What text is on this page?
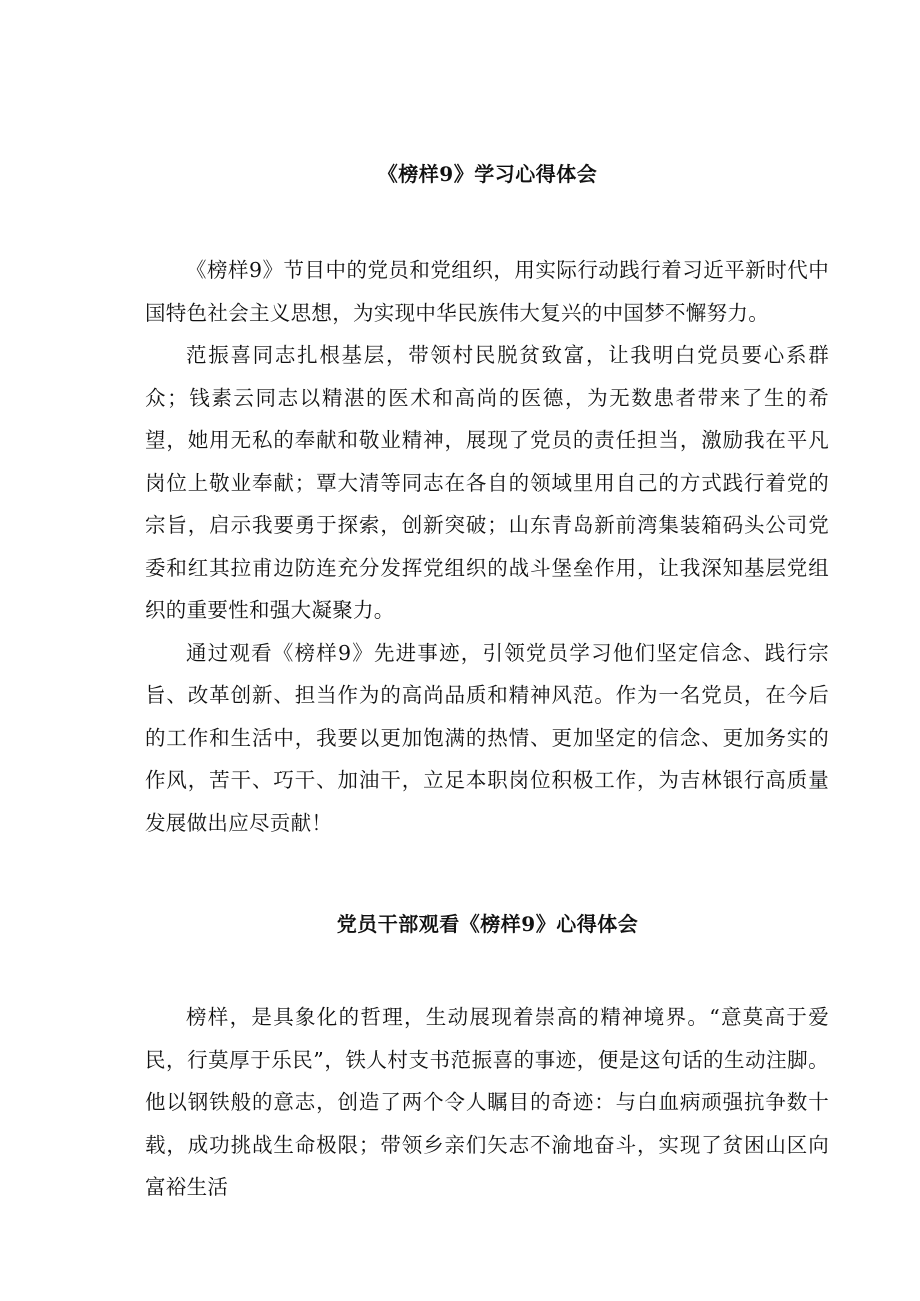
《榜样9》学习心得体会

《榜样9》节目中的党员和党组织，用实际行动践行着习近平新时代中国特色社会主义思想，为实现中华民族伟大复兴的中国梦不懈努力。

范振喜同志扎根基层，带领村民脱贫致富，让我明白党员要心系群众；钱素云同志以精湛的医术和高尚的医德，为无数患者带来了生的希望，她用无私的奉献和敬业精神，展现了党员的责任担当，激励我在平凡岗位上敬业奉献；覃大清等同志在各自的领域里用自己的方式践行着党的宗旨，启示我要勇于探索，创新突破；山东青岛新前湾集装箱码头公司党委和红其拉甫边防连充分发挥党组织的战斗堡垒作用，让我深知基层党组织的重要性和强大凝聚力。

通过观看《榜样9》先进事迹，引领党员学习他们坚定信念、践行宗旨、改革创新、担当作为的高尚品质和精神风范。作为一名党员，在今后的工作和生活中，我要以更加饱满的热情、更加坚定的信念、更加务实的作风，苦干、巧干、加油干，立足本职岗位积极工作，为吉林银行高质量发展做出应尽贡献！

党员干部观看《榜样9》心得体会

榜样，是具象化的哲理，生动展现着崇高的精神境界。“意莫高于爱民，行莫厚于乐民”，铁人村支书范振喜的事迹，便是这句话的生动注脚。他以钢铁般的意志，创造了两个令人瞩目的奇迹：与白血病顽强抗争数十载，成功挑战生命极限；带领乡亲们矢志不渝地奋斗，实现了贫困山区向富裕生活
